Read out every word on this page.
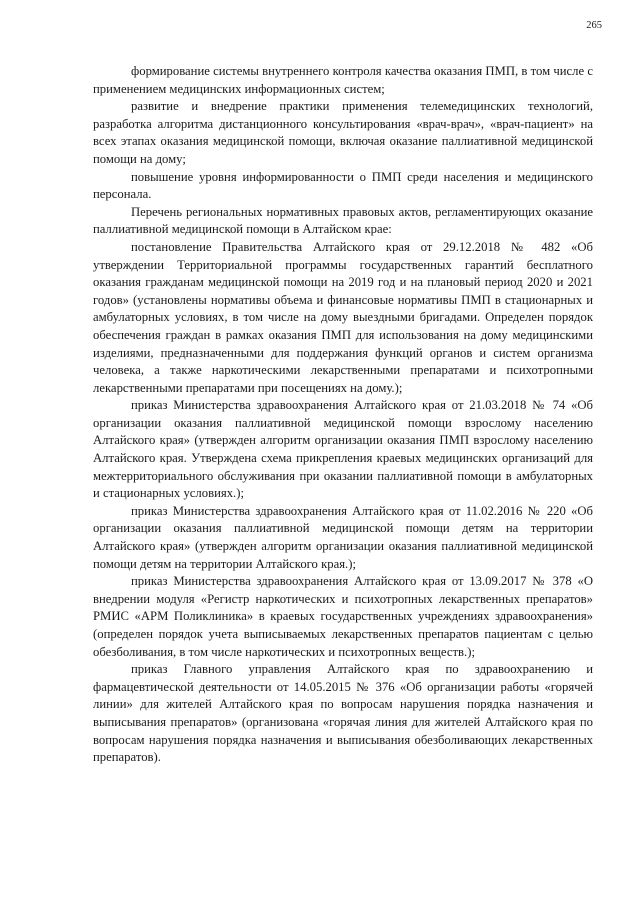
265

формирование системы внутреннего контроля качества оказания ПМП, в том числе с применением медицинских информационных систем;

развитие и внедрение практики применения телемедицинских технологий, разработка алгоритма дистанционного консультирования «врач-врач», «врач-пациент» на всех этапах оказания медицинской помощи, включая оказание паллиативной медицинской помощи на дому;

повышение уровня информированности о ПМП среди населения и медицинского персонала.

Перечень региональных нормативных правовых актов, регламентирующих оказание паллиативной медицинской помощи в Алтайском крае:

постановление Правительства Алтайского края от 29.12.2018 № 482 «Об утверждении Территориальной программы государственных гарантий бесплатного оказания гражданам медицинской помощи на 2019 год и на плановый период 2020 и 2021 годов» (установлены нормативы объема и финансовые нормативы ПМП в стационарных и амбулаторных условиях, в том числе на дому выездными бригадами. Определен порядок обеспечения граждан в рамках оказания ПМП для использования на дому медицинскими изделиями, предназначенными для поддержания функций органов и систем организма человека, а также наркотическими лекарственными препаратами и психотропными лекарственными препаратами при посещениях на дому.);

приказ Министерства здравоохранения Алтайского края от 21.03.2018 № 74 «Об организации оказания паллиативной медицинской помощи взрослому населению Алтайского края» (утвержден алгоритм организации оказания ПМП взрослому населению Алтайского края. Утверждена схема прикрепления краевых медицинских организаций для межтерриториального обслуживания при оказании паллиативной помощи в амбулаторных и стационарных условиях.);

приказ Министерства здравоохранения Алтайского края от 11.02.2016 № 220 «Об организации оказания паллиативной медицинской помощи детям на территории Алтайского края» (утвержден алгоритм организации оказания паллиативной медицинской помощи детям на территории Алтайского края.);

приказ Министерства здравоохранения Алтайского края от 13.09.2017 № 378 «О внедрении модуля «Регистр наркотических и психотропных лекарственных препаратов» РМИС «АРМ Поликлиника» в краевых государственных учреждениях здравоохранения» (определен порядок учета выписываемых лекарственных препаратов пациентам с целью обезболивания, в том числе наркотических и психотропных веществ.);

приказ Главного управления Алтайского края по здравоохранению и фармацевтической деятельности от 14.05.2015 № 376 «Об организации работы «горячей линии» для жителей Алтайского края по вопросам нарушения порядка назначения и выписывания препаратов» (организована «горячая линия для жителей Алтайского края по вопросам нарушения порядка назначения и выписывания обезболивающих лекарственных препаратов).
